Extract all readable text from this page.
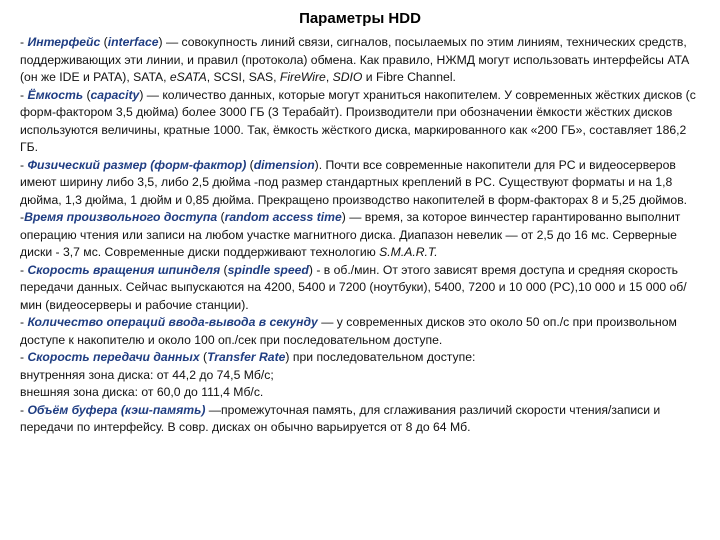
Параметры HDD

- Интерфейс (interface) — совокупность линий связи, сигналов, посылаемых по этим линиям, технических средств, поддерживающих эти линии, и правил (протокола) обмена. Как правило, НЖМД могут использовать интерфейсы ATA (он же IDE и PATA), SATA, eSATA, SCSI, SAS, FireWire, SDIO и Fibre Channel.

- Ёмкость (capacity) — количество данных, которые могут храниться накопителем. У современных жёстких дисков (с форм-фактором 3,5 дюйма) более 3000 ГБ (3 Терабайт). Производители при обозначении ёмкости жёстких дисков используются величины, кратные 1000. Так, ёмкость жёсткого диска, маркированного как «200 ГБ», составляет 186,2 ГБ.

- Физический размер (форм-фактор) (dimension). Почти все современные накопители для PC и видеосерверов имеют ширину либо 3,5, либо 2,5 дюйма -под размер стандартных креплений в PC. Существуют форматы и на 1,8 дюйма, 1,3 дюйма, 1 дюйм и 0,85 дюйма. Прекращено производство накопителей в форм-факторах 8 и 5,25 дюймов.

-Время произвольного доступа (random access time) — время, за которое винчестер гарантированно выполнит операцию чтения или записи на любом участке магнитного диска. Диапазон невелик — от 2,5 до 16 мс. Серверные диски - 3,7 мс. Современные диски поддерживают технологию S.M.A.R.T.

- Скорость вращения шпинделя (spindle speed) - в об./мин. От этого зависят время доступа и средняя скорость передачи данных. Сейчас выпускаются на 4200, 5400 и 7200 (ноутбуки), 5400, 7200 и 10 000 (PC),10 000 и 15 000 об/мин (видеосерверы и рабочие станции).

- Количество операций ввода-вывода в секунду — у современных дисков это около 50 оп./с при произвольном доступе к накопителю и около 100 оп./сек при последовательном доступе.

- Скорость передачи данных (Transfer Rate) при последовательном доступе:

внутренняя зона диска: от 44,2 до 74,5 Мб/с;

внешняя зона диска: от 60,0 до 111,4 Мб/с.

- Объём буфера (кэш-память) —промежуточная память, для сглаживания различий скорости чтения/записи и передачи по интерфейсу. В совр. дисках он обычно варьируется от 8 до 64 Мб.
